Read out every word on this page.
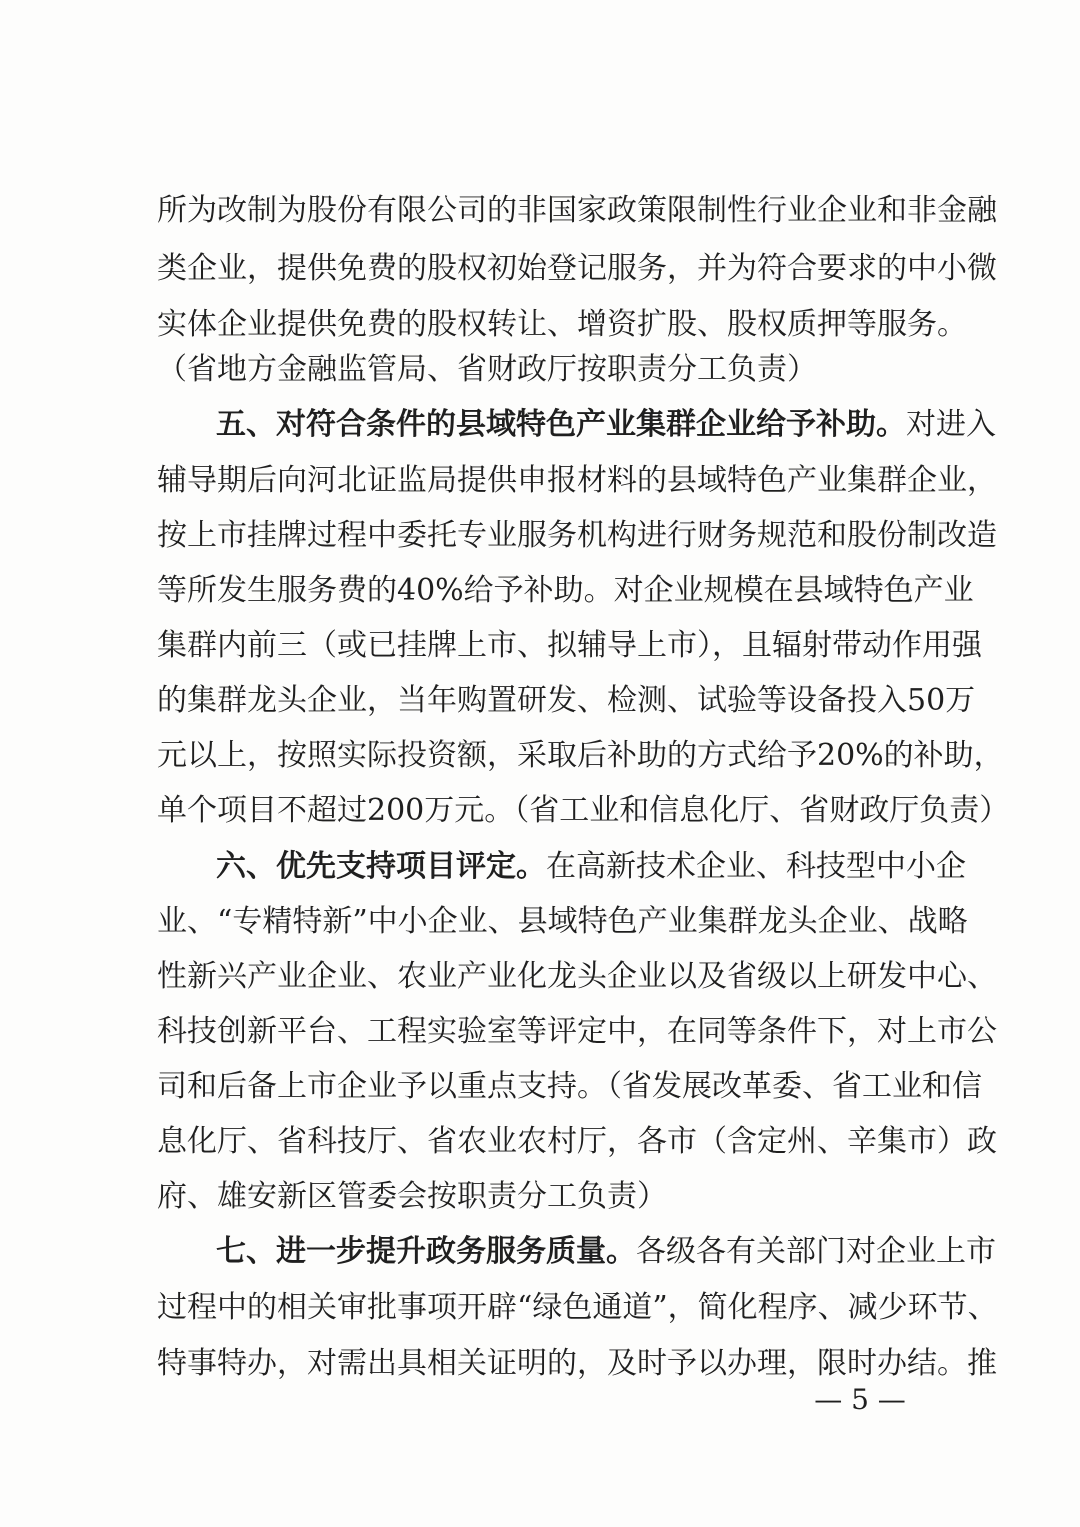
所为改制为股份有限公司的非国家政策限制性行业企业和非金融
类企业，提供免费的股权初始登记服务，并为符合要求的中小微
实体企业提供免费的股权转让、增资扩股、股权质押等服务。
（省地方金融监管局、省财政厅按职责分工负责）
五、对符合条件的县域特色产业集群企业给予补助。对进入
辅导期后向河北证监局提供申报材料的县域特色产业集群企业，
按上市挂牌过程中委托专业服务机构进行财务规范和股份制改造
等所发生服务费的40%给予补助。对企业规模在县域特色产业
集群内前三（或已挂牌上市、拟辅导上市），且辐射带动作用强
的集群龙头企业，当年购置研发、检测、试验等设备投入50万
元以上，按照实际投资额，采取后补助的方式给予20%的补助，
单个项目不超过200万元。（省工业和信息化厅、省财政厅负责）
六、优先支持项目评定。在高新技术企业、科技型中小企
业、“专精特新”中小企业、县域特色产业集群龙头企业、战略
性新兴产业企业、农业产业化龙头企业以及省级以上研发中心、
科技创新平台、工程实验室等评定中，在同等条件下，对上市公
司和后备上市企业予以重点支持。（省发展改革委、省工业和信
息化厅、省科技厅、省农业农村厅，各市（含定州、辛集市）政
府、雄安新区管委会按职责分工负责）
七、进一步提升政务服务质量。各级各有关部门对企业上市
过程中的相关审批事项开辟“绿色通道”，简化程序、减少环节、
特事特办，对需出具相关证明的，及时予以办理，限时办结。推
— 5 —
